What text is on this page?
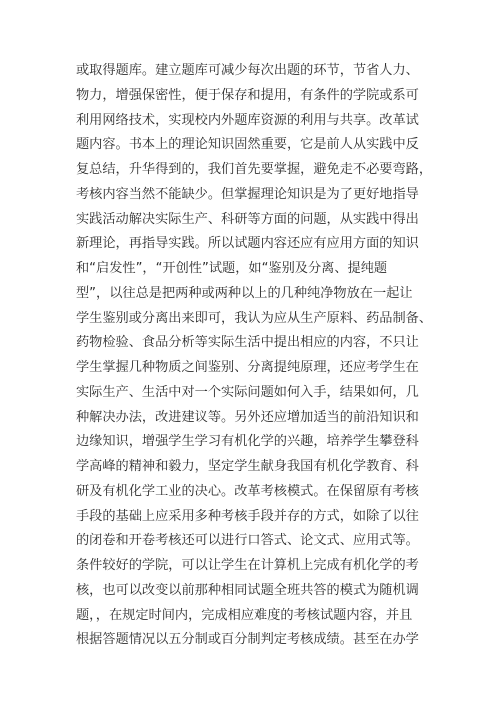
或取得题库。建立题库可减少每次出题的环节，节省人力、
物力，增强保密性，便于保存和提用，有条件的学院或系可
利用网络技术，实现校内外题库资源的利用与共享。改革试
题内容。书本上的理论知识固然重要，它是前人从实践中反
复总结，升华得到的，我们首先要掌握，避免走不必要弯路，
考核内容当然不能缺少。但掌握理论知识是为了更好地指导
实践活动解决实际生产、科研等方面的问题，从实践中得出
新理论，再指导实践。所以试题内容还应有应用方面的知识
和“启发性”，“开创性”试题，如“鉴别及分离、提纯题
型”，以往总是把两种或两种以上的几种纯净物放在一起让
学生鉴别或分离出来即可，我认为应从生产原料、药品制备、
药物检验、食品分析等实际生活中提出相应的内容，不只让
学生掌握几种物质之间鉴别、分离提纯原理，还应考学生在
实际生产、生活中对一个实际问题如何入手，结果如何，几
种解决办法，改进建议等。另外还应增加适当的前沿知识和
边缘知识，增强学生学习有机化学的兴趣，培养学生攀登科
学高峰的精神和毅力，坚定学生献身我国有机化学教育、科
研及有机化学工业的决心。改革考核模式。在保留原有考核
手段的基础上应采用多种考核手段并存的方式，如除了以往
的闭卷和开卷考核还可以进行口答式、论文式、应用式等。
条件较好的学院，可以让学生在计算机上完成有机化学的考
核，也可以改变以前那种相同试题全班共答的模式为随机调
题，，在规定时间内，完成相应难度的考核试题内容，并且
根据答题情况以五分制或百分制判定考核成绩。甚至在办学
